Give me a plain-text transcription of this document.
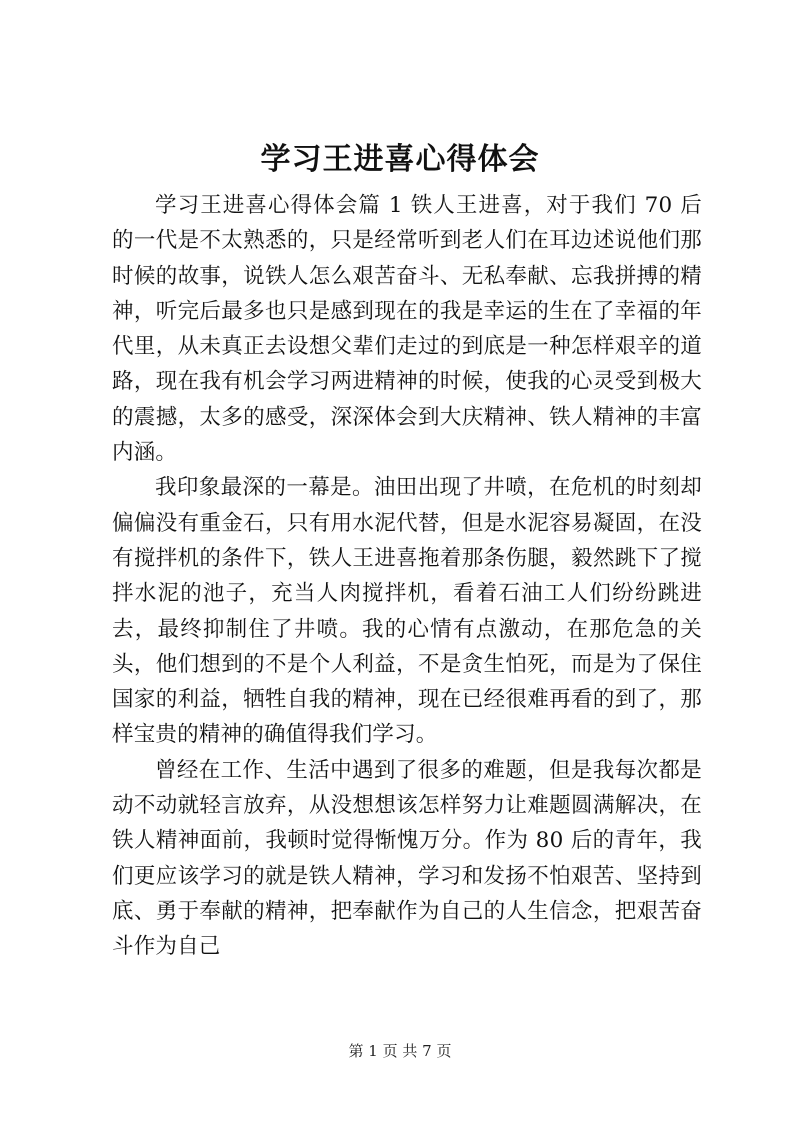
学习王进喜心得体会

学习王进喜心得体会篇 1 铁人王进喜，对于我们 70 后的一代是不太熟悉的，只是经常听到老人们在耳边述说他们那时候的故事，说铁人怎么艰苦奋斗、无私奉献、忘我拼搏的精神，听完后最多也只是感到现在的我是幸运的生在了幸福的年代里，从未真正去设想父辈们走过的到底是一种怎样艰辛的道路，现在我有机会学习两进精神的时候，使我的心灵受到极大的震撼，太多的感受，深深体会到大庆精神、铁人精神的丰富内涵。

我印象最深的一幕是。油田出现了井喷，在危机的时刻却偏偏没有重金石，只有用水泥代替，但是水泥容易凝固，在没有搅拌机的条件下，铁人王进喜拖着那条伤腿，毅然跳下了搅拌水泥的池子，充当人肉搅拌机，看着石油工人们纷纷跳进去，最终抑制住了井喷。我的心情有点激动，在那危急的关头，他们想到的不是个人利益，不是贪生怕死，而是为了保住国家的利益，牺牲自我的精神，现在已经很难再看的到了，那样宝贵的精神的确值得我们学习。

曾经在工作、生活中遇到了很多的难题，但是我每次都是动不动就轻言放弃，从没想想该怎样努力让难题圆满解决，在铁人精神面前，我顿时觉得惭愧万分。作为 80 后的青年，我们更应该学习的就是铁人精神，学习和发扬不怕艰苦、坚持到底、勇于奉献的精神，把奉献作为自己的人生信念，把艰苦奋斗作为自己

第 1 页 共 7 页
